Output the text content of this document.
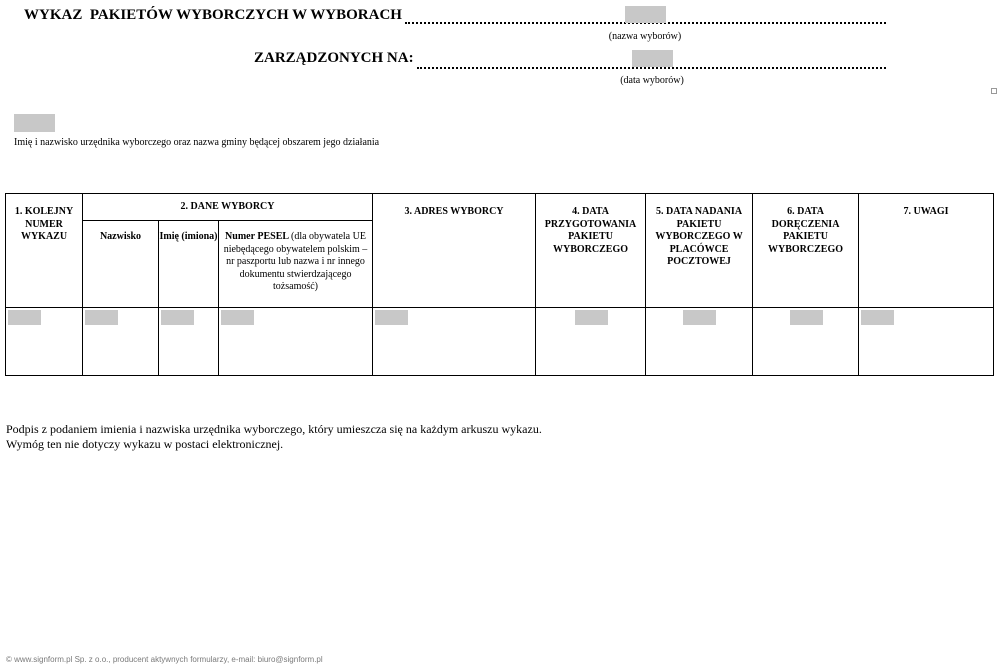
WYKAZ  PAKIETÓW WYBORCZYCH W WYBORACH
(nazwa wyborów)
ZARZĄDZONYCH NA:
(data wyborów)
Imię i nazwisko urzędnika wyborczego oraz nazwa gminy będącej obszarem jego działania
1. KOLEJNY NUMER WYKAZU	2. DANE WYBORCY			3. ADRES WYBORCY	4. DATA PRZYGOTOWANIA PAKIETU WYBORCZEGO	5. DATA NADANIA PAKIETU WYBORCZEGO W PLACÓWCE POCZTOWEJ	6. DATA DORĘCZENIA PAKIETU WYBORCZEGO	7. UWAGI
	Nazwisko	Imię (imiona)	Numer PESEL (dla obywatela UE niebędącego obywatelem polskim – nr paszportu lub nazwa i nr innego dokumentu stwierdzającego tożsamość)					

Podpis z podaniem imienia i nazwiska urzędnika wyborczego, który umieszcza się na każdym arkuszu wykazu.
Wymóg ten nie dotyczy wykazu w postaci elektronicznej.
© www.signform.pl Sp. z o.o., producent aktywnych formularzy, e-mail: biuro@signform.pl
